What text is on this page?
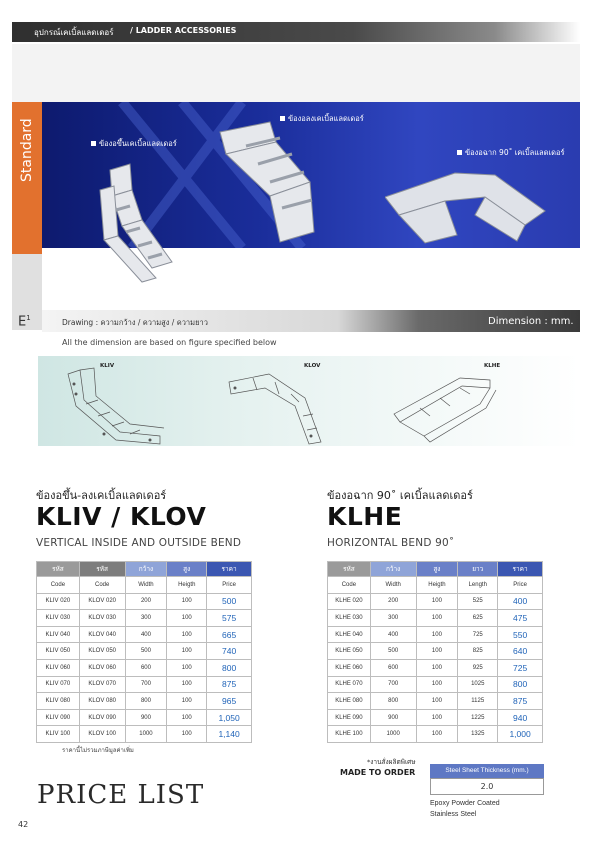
อุปกรณ์เคเบิ้ลแลดเดอร์ / LADDER ACCESSORIES
Standard
$E^1$
ข้องอขึ้นเคเบิ้ลแลดเดอร์
ข้องอลงเคเบิ้ลแลดเดอร์
ข้องอฉาก 90˚ เคเบิ้ลแลดเดอร์
Drawing : ความกว้าง / ความสูง / ความยาว	Dimension : mm.
All the dimension are based on figure specified below
KLIV	KLOV	KLHE
ข้องอขึ้น-ลงเคเบิ้ลแลดเดอร์
KLIV / KLOV
VERTICAL INSIDE AND OUTSIDE BEND
ข้องอฉาก 90˚ เคเบิ้ลแลดเดอร์
KLHE
HORIZONTAL BEND 90˚
รหัส	รหัส	กว้าง	สูง	ราคา
Code	Code	Width	Heigth	Price
KLIV 020	KLOV 020	200	100	500
KLIV 030	KLOV 030	300	100	575
KLIV 040	KLOV 040	400	100	665
KLIV 050	KLOV 050	500	100	740
KLIV 060	KLOV 060	600	100	800
KLIV 070	KLOV 070	700	100	875
KLIV 080	KLOV 080	800	100	965
KLIV 090	KLOV 090	900	100	1,050
KLIV 100	KLOV 100	1000	100	1,140
รหัส	กว้าง	สูง	ยาว	ราคา
Code	Width	Heigth	Length	Price
KLHE 020	200	100	525	400
KLHE 030	300	100	625	475
KLHE 040	400	100	725	550
KLHE 050	500	100	825	640
KLHE 060	600	100	925	725
KLHE 070	700	100	1025	800
KLHE 080	800	100	1125	875
KLHE 090	900	100	1225	940
KLHE 100	1000	100	1325	1,000
ราคานี้ไม่รวมภาษีมูลค่าเพิ่ม
PRICE LIST
42
*งานสั่งผลิตพิเศษ
MADE TO ORDER	Steel Sheet Thickness (mm.)
2.0
Epoxy Powder Coated
Stainless Steel
